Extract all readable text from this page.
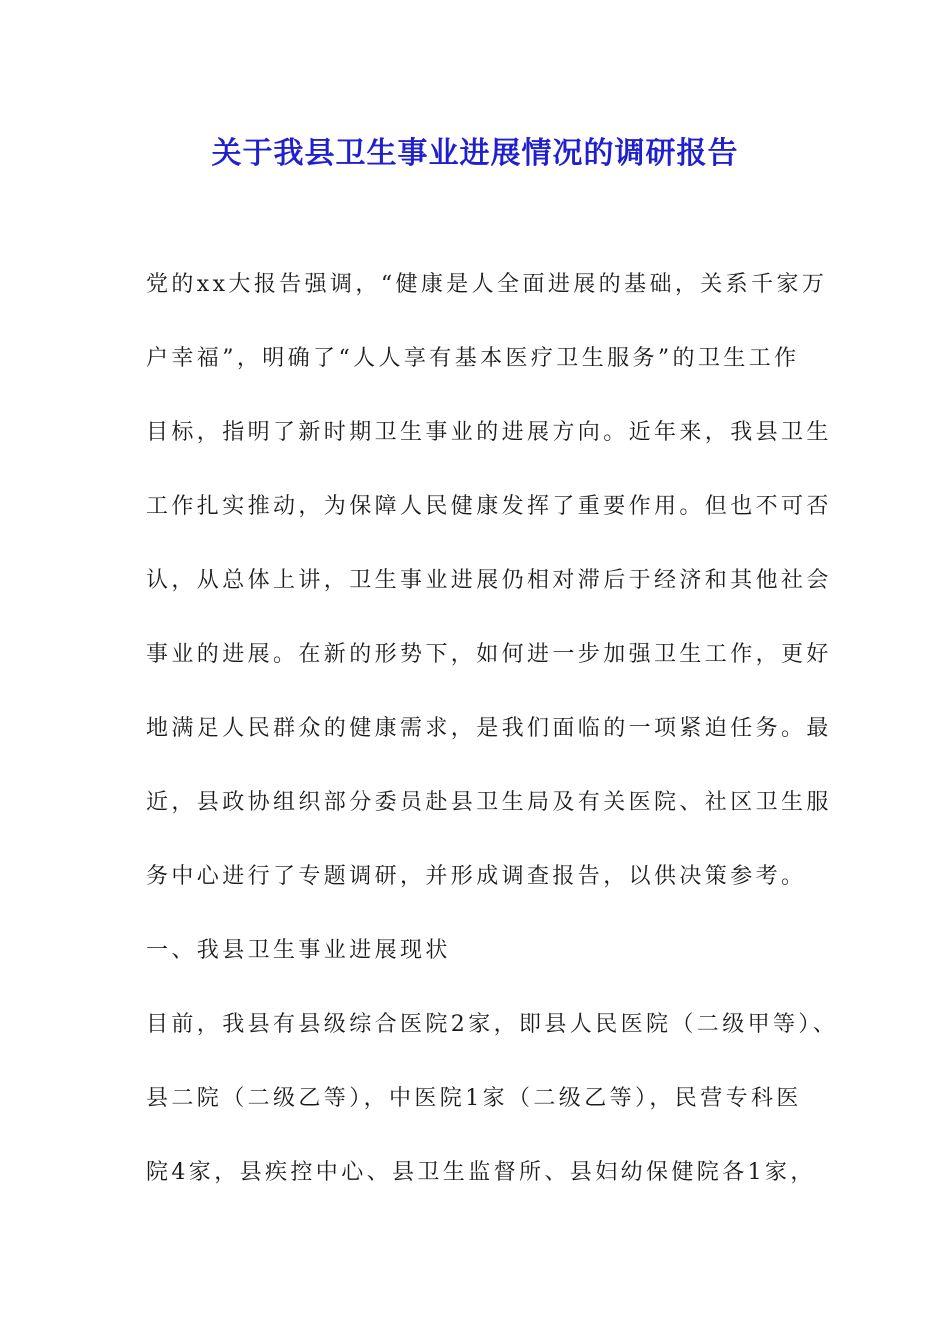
关于我县卫生事业进展情况的调研报告
党的xx大报告强调，“健康是人全面进展的基础，关系千家万
户幸福”，明确了“人人享有基本医疗卫生服务”的卫生工作
目标，指明了新时期卫生事业的进展方向。近年来，我县卫生
工作扎实推动，为保障人民健康发挥了重要作用。但也不可否
认，从总体上讲，卫生事业进展仍相对滞后于经济和其他社会
事业的进展。在新的形势下，如何进一步加强卫生工作，更好
地满足人民群众的健康需求，是我们面临的一项紧迫任务。最
近，县政协组织部分委员赴县卫生局及有关医院、社区卫生服
务中心进行了专题调研，并形成调查报告，以供决策参考。
一、我县卫生事业进展现状
目前，我县有县级综合医院2家，即县人民医院（二级甲等）、
县二院（二级乙等），中医院1家（二级乙等），民营专科医
院4家，县疾控中心、县卫生监督所、县妇幼保健院各1家，
